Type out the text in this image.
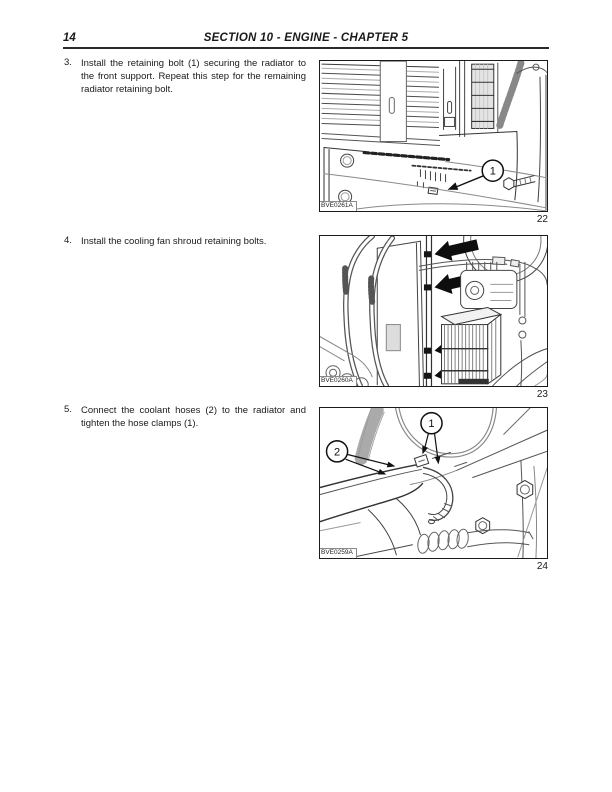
14	SECTION 10 - ENGINE - CHAPTER 5
3. Install the retaining bolt (1) securing the radiator to the front support. Repeat this step for the remaining radiator retaining bolt.

1
BVE0261A
22
4. Install the cooling fan shroud retaining bolts.

BVE0260A
23
5. Connect the coolant hoses (2) to the radiator and tighten the hose clamps (1).

2
1
BVE0259A
24
